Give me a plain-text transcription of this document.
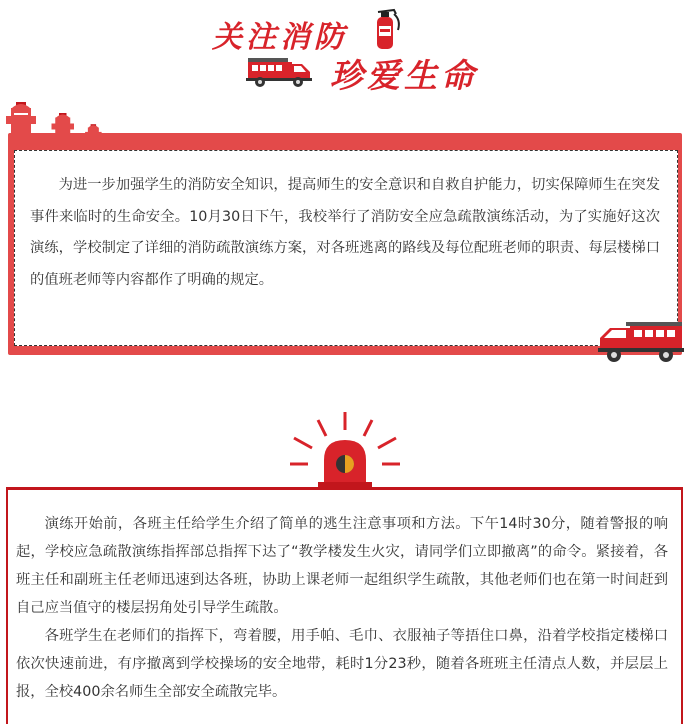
关注消防
珍爱生命
为进一步加强学生的消防安全知识，提高师生的安全意识和自救自护能力，切实保障师生在突发事件来临时的生命安全。10月30日下午，我校举行了消防安全应急疏散演练活动，为了实施好这次演练，学校制定了详细的消防疏散演练方案，对各班逃离的路线及每位配班老师的职责、每层楼梯口的值班老师等内容都作了明确的规定。

演练开始前，各班主任给学生介绍了简单的逃生注意事项和方法。下午14时30分，随着警报的响起，学校应急疏散演练指挥部总指挥下达了“教学楼发生火灾，请同学们立即撤离”的命令。紧接着，各班主任和副班主任老师迅速到达各班，协助上课老师一起组织学生疏散，其他老师们也在第一时间赶到自己应当值守的楼层拐角处引导学生疏散。

各班学生在老师们的指挥下，弯着腰，用手帕、毛巾、衣服袖子等捂住口鼻，沿着学校指定楼梯口依次快速前进，有序撤离到学校操场的安全地带，耗时1分23秒，随着各班班主任清点人数，并层层上报，全校400余名师生全部安全疏散完毕。
